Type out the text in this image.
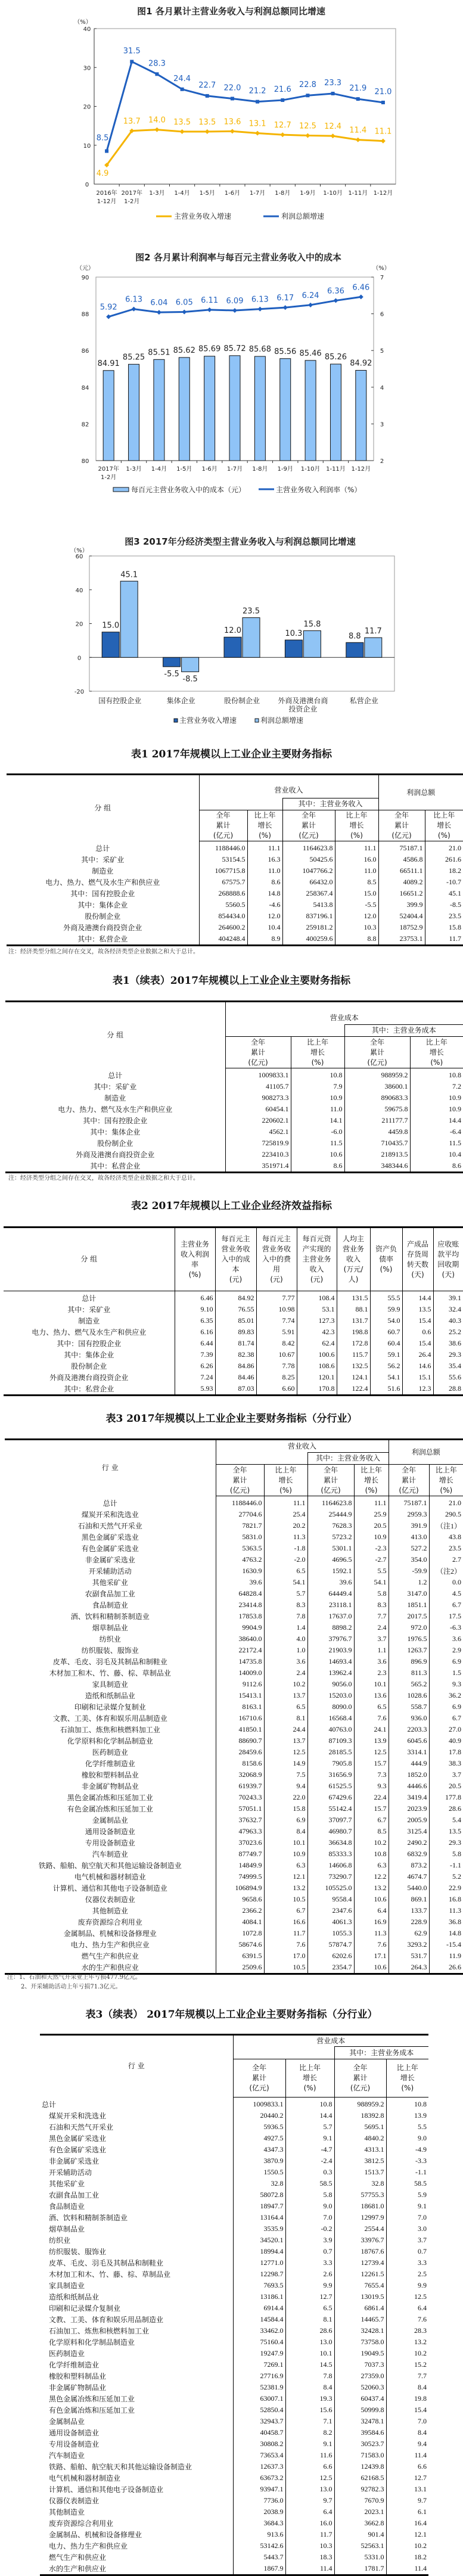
图1 各月累计主营业务收入与利润总额同比增速
（%）
0
10
20
30
40
2016年
1-12月
2017年
1-2月
1-3月 1-4月 1-5月 1-6月 1-7月 1-8月 1-9月 1-10月 1-11月 1-12月
4.9
13.7 14.0 13.5 13.5 13.6 13.1 12.7 12.5 12.4 11.4 11.1
8.5
31.5
28.3
24.4
22.7 22.0 21.2 21.6
22.8 23.3
21.9 21.0
主营业务收入增速	利润总额增速
图2 各月累计利润率与每百元主营业务收入中的成本
（元）	（%）
80
82
84
86
88
90
2
3
4
5
6
7
2017年
1-2月
1-3月 1-4月 1-5月 1-6月 1-7月 1-8月 1-9月 1-10月 1-11月 1-12月
84.91
85.25
85.51 85.62 85.69 85.72 85.68 85.56 85.46 85.26
84.92
5.92
6.13 6.04 6.05 6.11 6.09 6.13 6.17 6.24 6.36 6.46
每百元主营业务收入中的成本（元）	主营业务收入利润率（%）
图3 2017年分经济类型主营业务收入与利润总额同比增速
（%）
-20
0
20
40
60
国有控股企业	集体企业	股份制企业	外商及港澳台商
投资企业
私营企业
15.0
-5.5
12.0	10.3	8.8
45.1
-8.5
23.5
15.8
11.7
主营业务收入增速	利润总额增速
表1 2017年规模以上工业企业主要财务指标
分 组	营业收入				利润总额	
			其中：主营业务收入			
	全年
累计
(亿元)	比上年
增长
(%)	全年
累计
(亿元)	比上年
增长
(%)	全年
累计
(亿元)	比上年
增长
(%)
总计	1188446.0	11.1	1164623.8	11.1	75187.1	21.0
其中：采矿业	53154.5	16.3	50425.6	16.0	4586.8	261.6
制造业	1067715.8	11.0	1047766.2	11.0	66511.1	18.2
电力、热力、燃气及水生产和供应业	67575.7	8.6	66432.0	8.5	4089.2	-10.7
其中：国有控股企业	268888.6	14.8	258367.4	15.0	16651.2	45.1
其中：集体企业	5560.5	-4.6	5413.8	-5.5	399.9	-8.5
股份制企业	854434.0	12.0	837196.1	12.0	52404.4	23.5
外商及港澳台商投资企业	264600.2	10.4	259181.2	10.3	18752.9	15.8
其中：私营企业	404248.4	8.9	400259.6	8.8	23753.1	11.7
注：经济类型分组之间存在交叉，故各经济类型企业数据之和大于总计。
表1（续表）2017年规模以上工业企业主要财务指标
分 组	营业成本			
			其中：主营业务成本	
	全年
累计
(亿元)	比上年
增长
(%)	全年
累计
(亿元)	比上年
增长
(%)
总计	1009833.1	10.8	988959.2	10.8
其中：采矿业	41105.7	7.9	38600.1	7.2
制造业	908273.3	10.9	890683.3	10.9
电力、热力、燃气及水生产和供应业	60454.1	11.0	59675.8	10.9
其中：国有控股企业	220602.1	14.1	211177.7	14.4
其中：集体企业	4562.1	-6.0	4459.8	-6.4
股份制企业	725819.9	11.5	710435.7	11.5
外商及港澳台商投资企业	223410.3	10.6	218913.5	10.4
其中：私营企业	351971.4	8.6	348344.6	8.6
注：经济类型分组之间存在交叉，故各经济类型企业数据之和大于总计。
表2 2017年规模以上工业企业经济效益指标
分 组	主营业务
收入利润
率
(%)	每百元主
营业务收
入中的成
本
(元)	每百元主
营业务收
入中的费
用
(元)	每百元资
产实现的
主营业务
收入
(元)	人均主
营业务
收入
(万元/
人)	资产负
债率
(%)	产成品
存货周
转天数
(天)	应收账
款平均
回收期
(天)
总计	6.46	84.92	7.77	108.4	131.5	55.5	14.4	39.1
其中：采矿业	9.10	76.55	10.98	53.1	88.1	59.9	13.5	32.4
制造业	6.35	85.01	7.74	127.3	131.7	54.0	15.4	40.3
电力、热力、燃气及水生产和供应业	6.16	89.83	5.91	42.3	198.8	60.7	0.6	25.2
其中：国有控股企业	6.44	81.74	8.42	62.4	172.8	60.4	15.4	38.6
其中：集体企业	7.39	82.38	10.67	100.6	115.7	59.1	26.4	29.3
股份制企业	6.26	84.86	7.78	108.6	132.5	56.2	14.6	35.4
外商及港澳台商投资企业	7.24	84.46	8.25	120.1	124.1	54.1	15.1	55.6
其中：私营企业	5.93	87.03	6.60	170.8	122.4	51.6	12.3	28.8
表3 2017年规模以上工业企业主要财务指标（分行业）
行 业	营业收入				利润总额	
			其中：主营业务收入			
	全年
累计
(亿元)	比上年
增长
(%)	全年
累计
(亿元)	比上年
增长
(%)	全年
累计
(亿元)	比上年
增长
(%)
总计	1188446.0	11.1	1164623.8	11.1	75187.1	21.0
煤炭开采和洗选业	27704.6	25.4	25444.9	25.9	2959.3	290.5
石油和天然气开采业	7821.7	20.2	7628.3	20.5	391.9	（注1）
黑色金属矿采选业	5831.0	11.3	5723.2	10.9	413.0	43.8
有色金属矿采选业	5363.5	-1.8	5301.1	-2.3	527.2	23.5
非金属矿采选业	4763.2	-2.0	4696.5	-2.7	354.0	2.7
开采辅助活动	1630.9	6.5	1592.1	5.5	-59.9	（注2）
其他采矿业	39.6	54.1	39.6	54.1	1.2	0.0
农副食品加工业	64828.4	5.7	64449.4	5.8	3147.0	4.5
食品制造业	23414.8	8.3	23118.1	8.3	1851.1	6.7
酒、饮料和精制茶制造业	17853.8	7.8	17637.0	7.7	2017.5	17.5
烟草制品业	9904.9	1.4	8898.2	2.4	972.0	-6.3
纺织业	38640.0	4.0	37976.7	3.7	1976.5	3.6
纺织服装、服饰业	22172.4	1.0	21903.9	1.1	1263.7	2.9
皮革、毛皮、羽毛及其制品和制鞋业	14735.8	3.6	14693.4	3.6	896.9	6.9
木材加工和木、竹、藤、棕、草制品业	14009.0	2.4	13962.4	2.3	811.3	1.5
家具制造业	9112.6	10.2	9056.0	10.1	565.2	9.3
造纸和纸制品业	15413.1	13.7	15203.0	13.6	1028.6	36.2
印刷和记录媒介复制业	8163.1	6.5	8090.0	6.5	558.7	6.9
文教、工美、体育和娱乐用品制造业	16710.6	8.1	16568.4	7.6	936.0	6.7
石油加工、炼焦和核燃料加工业	41850.1	24.4	40763.0	24.1	2203.3	27.0
化学原料和化学制品制造业	88690.7	13.7	87109.3	13.9	6045.6	40.9
医药制造业	28459.6	12.5	28185.5	12.5	3314.1	17.8
化学纤维制造业	8158.6	14.9	7905.8	15.7	444.9	38.3
橡胶和塑料制品业	32068.9	7.5	31656.9	7.3	1852.0	3.7
非金属矿物制品业	61939.7	9.4	61525.5	9.3	4446.6	20.5
黑色金属冶炼和压延加工业	70243.3	22.0	67429.6	22.4	3419.4	177.8
有色金属冶炼和压延加工业	57051.1	15.8	55142.4	15.7	2023.9	28.6
金属制品业	37632.7	6.9	37097.7	6.7	2005.9	5.4
通用设备制造业	47963.3	8.4	46980.7	8.5	3125.4	13.5
专用设备制造业	37023.6	10.1	36634.8	10.2	2490.2	29.3
汽车制造业	87749.7	10.9	85333.3	10.8	6832.9	5.8
铁路、船舶、航空航天和其他运输设备制造业	14849.9	6.3	14606.8	6.3	873.2	-1.1
电气机械和器材制造业	74999.5	12.1	73290.7	12.2	4674.7	5.2
计算机、通信和其他电子设备制造业	106894.9	13.2	105525.0	13.2	5440.0	22.9
仪器仪表制造业	9658.6	10.5	9558.4	10.6	869.1	16.8
其他制造业	2366.2	6.7	2347.6	6.4	133.7	11.3
废弃资源综合利用业	4084.1	16.6	4061.3	16.9	228.9	36.8
金属制品、机械和设备修理业	1072.8	11.7	1055.3	11.3	62.9	14.8
电力、热力生产和供应业	58674.6	7.6	57874.7	7.6	3293.2	-15.4
燃气生产和供应业	6391.5	17.0	6202.6	17.1	531.7	11.9
水的生产和供应业	2509.6	10.5	2354.7	10.6	264.3	26.6
注：1、石油和天然气开采业上年亏损477.9亿元。
2、开采辅助活动上年亏损71.3亿元。
表3（续表） 2017年规模以上工业企业主要财务指标（分行业）
行 业	营业成本			
			其中：主营业务成本	
	全年
累计
(亿元)	比上年
增长
(%)	全年
累计
(亿元)	比上年
增长
(%)
总计	1009833.1	10.8	988959.2	10.8
煤炭开采和洗选业	20440.2	14.4	18392.8	13.9
石油和天然气开采业	5936.5	5.7	5695.1	5.5
黑色金属矿采选业	4927.5	9.1	4840.2	9.0
有色金属矿采选业	4347.3	-4.7	4313.1	-4.9
非金属矿采选业	3870.9	-2.4	3812.5	-3.3
开采辅助活动	1550.5	0.3	1513.7	-1.1
其他采矿业	32.8	58.5	32.8	58.5
农副食品加工业	58072.8	5.8	57755.3	5.9
食品制造业	18947.7	9.0	18681.0	9.1
酒、饮料和精制茶制造业	13164.4	7.0	12997.9	7.0
烟草制品业	3535.9	-0.2	2554.4	3.0
纺织业	34520.1	3.9	33976.7	3.7
纺织服装、服饰业	18994.4	0.7	18767.6	0.7
皮革、毛皮、羽毛及其制品和制鞋业	12771.0	3.3	12739.4	3.3
木材加工和木、竹、藤、棕、草制品业	12298.7	2.6	12261.5	2.5
家具制造业	7693.5	9.9	7655.4	9.9
造纸和纸制品业	13186.1	12.7	13019.5	12.5
印刷和记录媒介复制业	6914.4	6.5	6861.4	6.4
文教、工美、体育和娱乐用品制造业	14584.4	8.1	14465.7	7.6
石油加工、炼焦和核燃料加工业	33462.0	28.6	32428.1	28.3
化学原料和化学制品制造业	75160.4	13.0	73758.0	13.2
医药制造业	19247.9	10.1	19049.5	10.2
化学纤维制造业	7269.1	14.5	7037.3	15.2
橡胶和塑料制品业	27716.9	7.8	27359.0	7.7
非金属矿物制品业	52381.9	8.4	52060.3	8.4
黑色金属冶炼和压延加工业	63007.1	19.3	60437.4	19.8
有色金属冶炼和压延加工业	52850.4	15.6	50999.8	15.4
金属制品业	32943.7	7.1	32478.1	7.0
通用设备制造业	40458.7	8.2	39584.6	8.4
专用设备制造业	30808.2	9.1	30523.7	9.4
汽车制造业	73653.4	11.6	71583.0	11.4
铁路、船舶、航空航天和其他运输设备制造业	12637.3	6.6	12439.8	6.6
电气机械和器材制造业	63673.2	12.5	62168.5	12.7
计算机、通信和其他电子设备制造业	93947.1	13.0	92782.3	13.1
仪器仪表制造业	7736.0	9.7	7670.9	9.7
其他制造业	2038.9	6.4	2023.1	6.1
废弃资源综合利用业	3684.3	16.0	3662.8	16.4
金属制品、机械和设备修理业	913.6	11.7	901.4	12.1
电力、热力生产和供应业	53142.6	10.3	52563.1	10.2
燃气生产和供应业	5443.7	18.3	5331.0	18.2
水的生产和供应业	1867.9	11.4	1781.7	11.4
